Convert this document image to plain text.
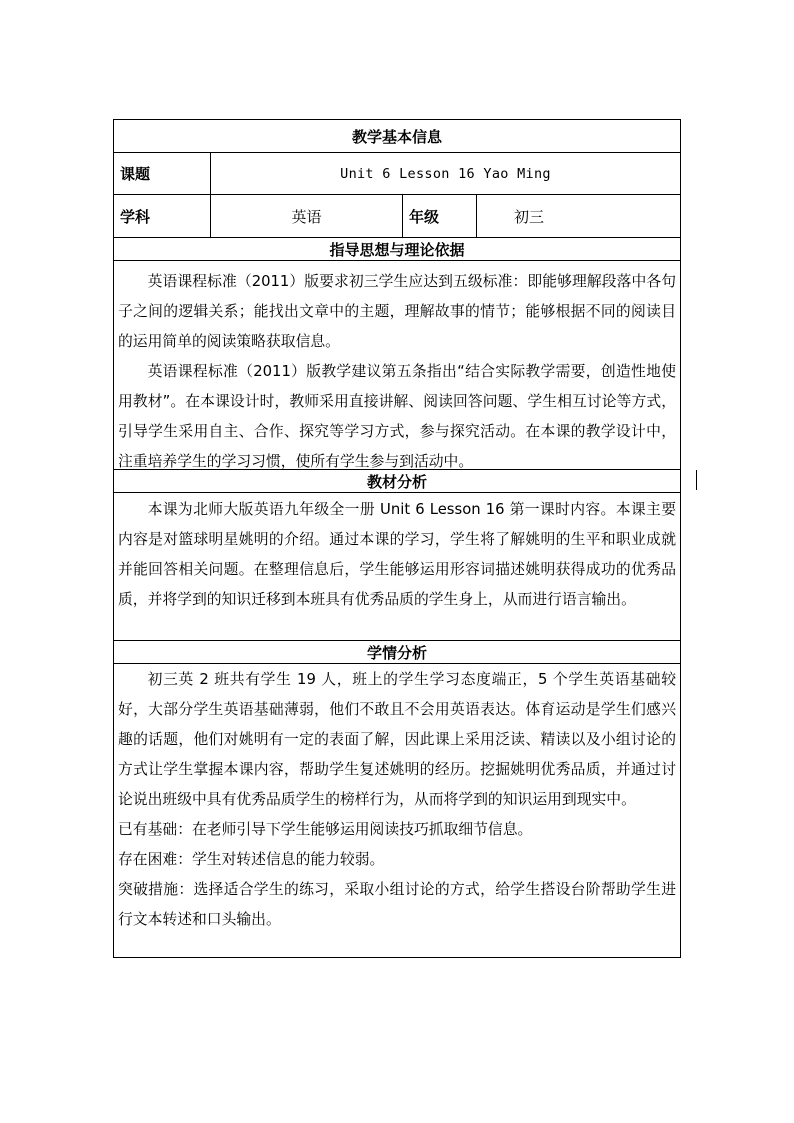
教学基本信息
课题	Unit 6 Lesson 16 Yao Ming
学科	英语	年级	初三
指导思想与理论依据

英语课程标准（2011）版要求初三学生应达到五级标准：即能够理解段落中各句子之间的逻辑关系；能找出文章中的主题，理解故事的情节；能够根据不同的阅读目的运用简单的阅读策略获取信息。

英语课程标准（2011）版教学建议第五条指出“结合实际教学需要，创造性地使用教材”。在本课设计时，教师采用直接讲解、阅读回答问题、学生相互讨论等方式，引导学生采用自主、合作、探究等学习方式，参与探究活动。在本课的教学设计中，注重培养学生的学习习惯，使所有学生参与到活动中。

教材分析

本课为北师大版英语九年级全一册 Unit 6 Lesson 16 第一课时内容。本课主要内容是对篮球明星姚明的介绍。通过本课的学习，学生将了解姚明的生平和职业成就并能回答相关问题。在整理信息后，学生能够运用形容词描述姚明获得成功的优秀品质，并将学到的知识迁移到本班具有优秀品质的学生身上，从而进行语言输出。

学情分析

初三英 2 班共有学生 19 人，班上的学生学习态度端正，5 个学生英语基础较好，大部分学生英语基础薄弱，他们不敢且不会用英语表达。体育运动是学生们感兴趣的话题，他们对姚明有一定的表面了解，因此课上采用泛读、精读以及小组讨论的方式让学生掌握本课内容，帮助学生复述姚明的经历。挖掘姚明优秀品质，并通过讨论说出班级中具有优秀品质学生的榜样行为，从而将学到的知识运用到现实中。

已有基础：在老师引导下学生能够运用阅读技巧抓取细节信息。

存在困难：学生对转述信息的能力较弱。

突破措施：选择适合学生的练习，采取小组讨论的方式，给学生搭设台阶帮助学生进行文本转述和口头输出。
